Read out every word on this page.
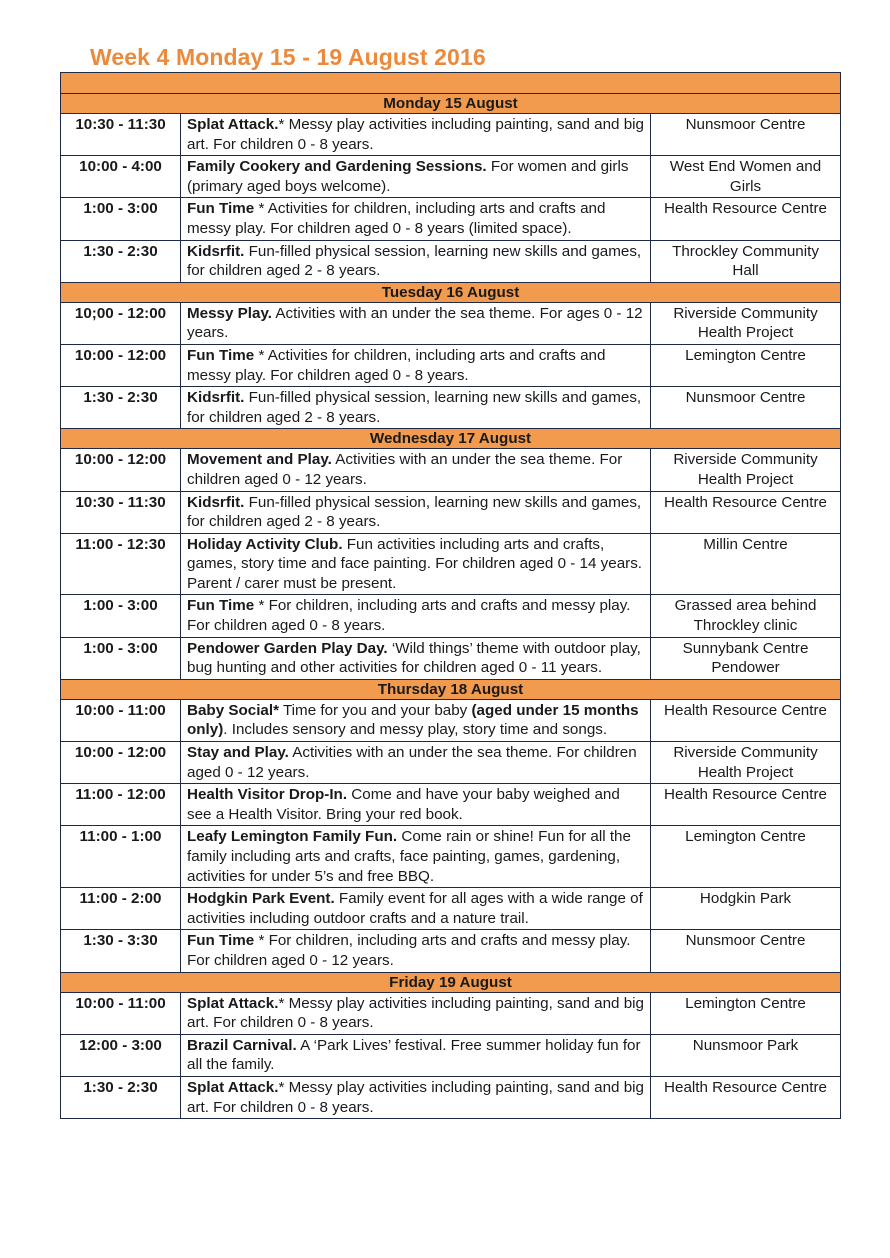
Week 4 Monday 15 - 19 August 2016

Monday 15 August		
10:30 - 11:30	Splat Attack.* Messy play activities including painting, sand and big art. For children 0 - 8 years.	Nunsmoor Centre
10:00 - 4:00	Family Cookery and Gardening Sessions. For women and girls (primary aged boys welcome).	West End Women and Girls
1:00 - 3:00	Fun Time * Activities for children, including arts and crafts and messy play. For children aged 0 - 8 years (limited space).	Health Resource Centre
1:30 - 2:30	Kidsrfit. Fun-filled physical session, learning new skills and games, for children aged 2 - 8 years.	Throckley Community Hall
Tuesday 16 August		
10;00 - 12:00	Messy Play. Activities with an under the sea theme. For ages 0 - 12 years.	Riverside Community Health Project
10:00 - 12:00	Fun Time * Activities for children, including arts and crafts and messy play. For children aged 0 - 8 years.	Lemington Centre
1:30 - 2:30	Kidsrfit. Fun-filled physical session, learning new skills and games, for children aged 2 - 8 years.	Nunsmoor Centre
Wednesday 17 August		
10:00 - 12:00	Movement and Play. Activities with an under the sea theme. For children aged 0 - 12 years.	Riverside Community Health Project
10:30 - 11:30	Kidsrfit. Fun-filled physical session, learning new skills and games, for children aged 2 - 8 years.	Health Resource Centre
11:00 - 12:30	Holiday Activity Club. Fun activities including arts and crafts, games, story time and face painting. For children aged 0 - 14 years. Parent / carer must be present.	Millin Centre
1:00 - 3:00	Fun Time * For children, including arts and crafts and messy play. For children aged 0 - 8 years.	Grassed area behind Throckley clinic
1:00 - 3:00	Pendower Garden Play Day. ‘Wild things’ theme with outdoor play, bug hunting and other activities for children aged 0 - 11 years.	Sunnybank Centre Pendower
Thursday 18 August		
10:00 - 11:00	Baby Social* Time for you and your baby (aged under 15 months only). Includes sensory and messy play, story time and songs.	Health Resource Centre
10:00 - 12:00	Stay and Play. Activities with an under the sea theme. For children aged 0 - 12 years.	Riverside Community Health Project
11:00 - 12:00	Health Visitor Drop-In. Come and have your baby weighed and see a Health Visitor. Bring your red book.	Health Resource Centre
11:00 - 1:00	Leafy Lemington Family Fun. Come rain or shine! Fun for all the family including arts and crafts, face painting, games, gardening, activities for under 5’s and free BBQ.	Lemington Centre
11:00 - 2:00	Hodgkin Park Event. Family event for all ages with a wide range of activities including outdoor crafts and a nature trail.	Hodgkin Park
1:30 - 3:30	Fun Time * For children, including arts and crafts and messy play. For children aged 0 - 12 years.	Nunsmoor Centre
Friday 19 August		
10:00 - 11:00	Splat Attack.* Messy play activities including painting, sand and big art. For children 0 - 8 years.	Lemington Centre
12:00 - 3:00	Brazil Carnival. A ‘Park Lives’ festival. Free summer holiday fun for all the family.	Nunsmoor Park
1:30 - 2:30	Splat Attack.* Messy play activities including painting, sand and big art. For children 0 - 8 years.	Health Resource Centre
